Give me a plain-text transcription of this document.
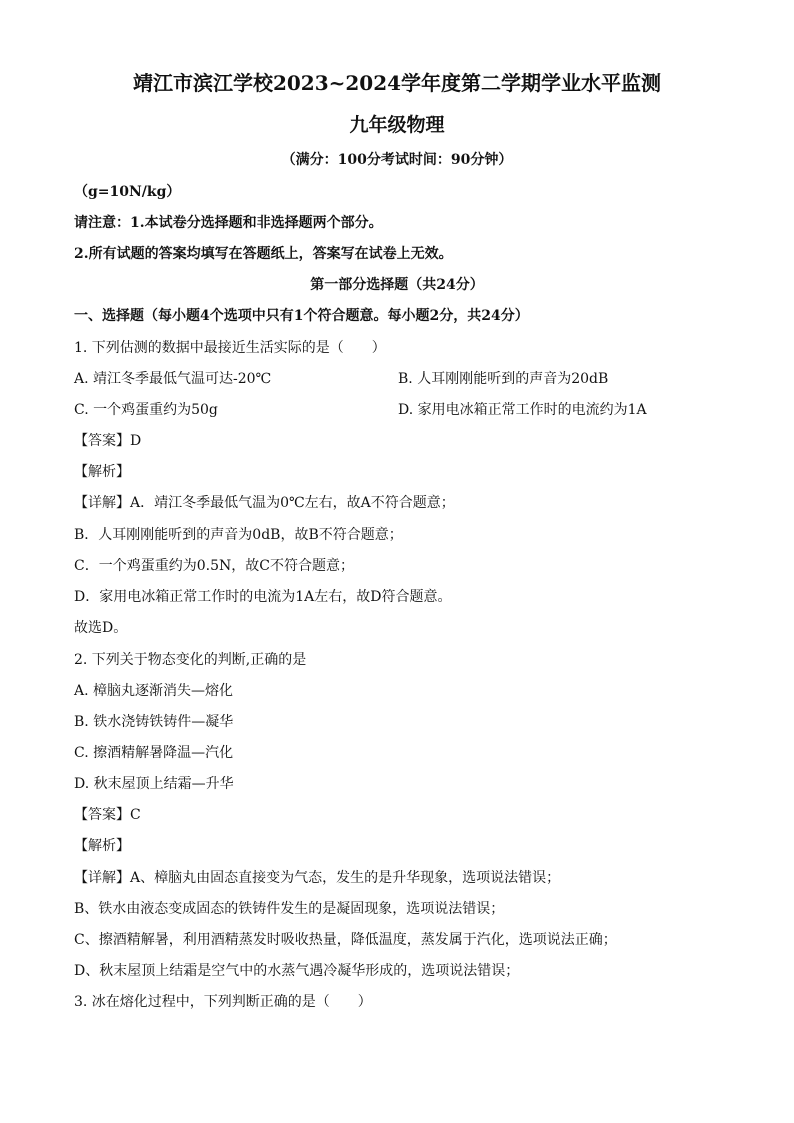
靖江市滨江学校2023~2024学年度第二学期学业水平监测
九年级物理
（满分：100分考试时间：90分钟）
（g=10N/kg）
请注意：1.本试卷分选择题和非选择题两个部分。
2.所有试题的答案均填写在答题纸上，答案写在试卷上无效。
第一部分选择题（共24分）
一、选择题（每小题4个选项中只有1个符合题意。每小题2分，共24分）
1. 下列估测的数据中最接近生活实际的是（　　）
A. 靖江冬季最低气温可达-20℃	B. 人耳刚刚能听到的声音为20dB
C. 一个鸡蛋重约为50g	D. 家用电冰箱正常工作时的电流约为1A
【答案】D
【解析】
【详解】A．靖江冬季最低气温为0℃左右，故A不符合题意；
B．人耳刚刚能听到的声音为0dB，故B不符合题意；
C．一个鸡蛋重约为0.5N，故C不符合题意；
D．家用电冰箱正常工作时的电流为1A左右，故D符合题意。
故选D。
2. 下列关于物态变化的判断,正确的是
A. 樟脑丸逐渐消失—熔化
B. 铁水浇铸铁铸件—凝华
C. 擦酒精解暑降温—汽化
D. 秋末屋顶上结霜—升华
【答案】C
【解析】
【详解】A、樟脑丸由固态直接变为气态，发生的是升华现象，选项说法错误；
B、铁水由液态变成固态的铁铸件发生的是凝固现象，选项说法错误；
C、擦酒精解暑，利用酒精蒸发时吸收热量，降低温度，蒸发属于汽化，选项说法正确；
D、秋末屋顶上结霜是空气中的水蒸气遇冷凝华形成的，选项说法错误；
3. 冰在熔化过程中，下列判断正确的是（　　）
